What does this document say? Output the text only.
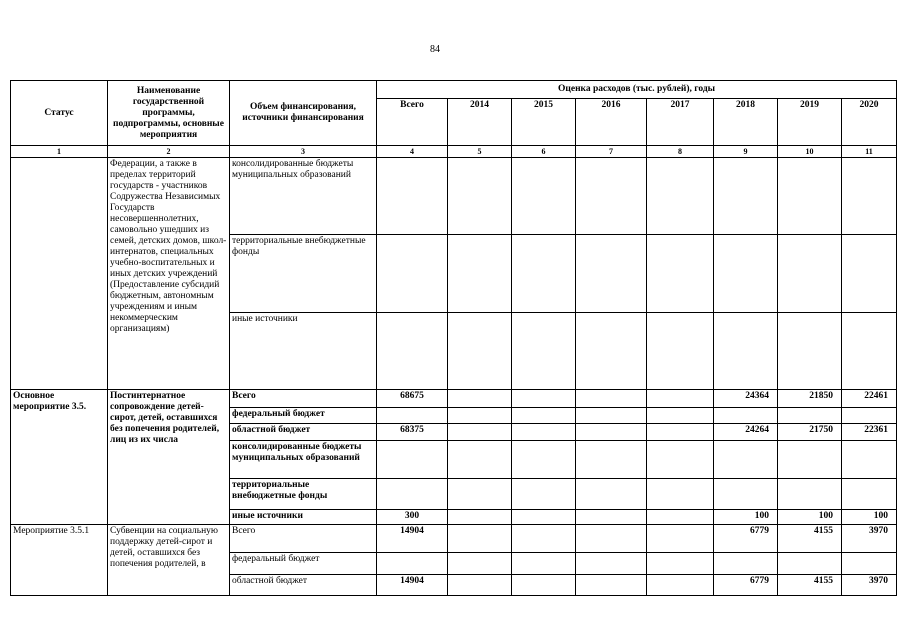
84
Статус	Наименование государственной программы, подпрограммы, основные мероприятия	Объем финансирования, источники финансирования	Оценка расходов (тыс. рублей), годы							
			Всего	2014	2015	2016	2017	2018	2019	2020
1	2	3	4	5	6	7	8	9	10	11
	Федерации, а также в пределах территорий государств - участников Содружества Независимых Государств несовершеннолетних, самовольно ушедших из семей, детских домов, школ-интернатов, специальных учебно-воспитательных и иных детских учреждений (Предоставление субсидий бюджетным, автономным учреждениям и иным некоммерческим организациям)	консолидированные бюджеты муниципальных образований								
		территориальные внебюджетные фонды								
		иные источники								
Основное мероприятие 3.5.	Постинтернатное сопровождение детей-сирот, детей, оставшихся без попечения родителей, лиц из их числа	Всего	68675					24364	21850	22461
		федеральный бюджет								
		областной бюджет	68375					24264	21750	22361
		консолидированные бюджеты муниципальных образований								
		территориальные внебюджетные фонды								
		иные источники	300					100	100	100
Мероприятие 3.5.1	Субвенции на социальную поддержку детей-сирот и детей, оставшихся без попечения родителей, в	Всего	14904					6779	4155	3970
		федеральный бюджет								
		областной бюджет	14904					6779	4155	3970
